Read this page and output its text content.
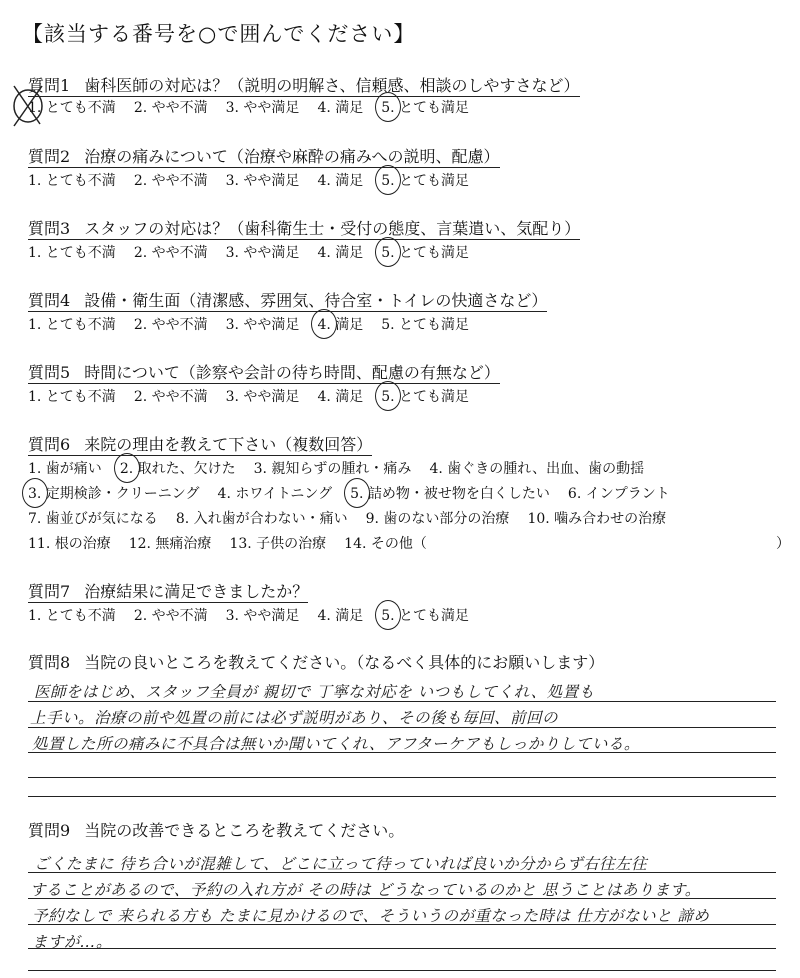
【該当する番号を○で囲んでください】
質問1 歯科医師の対応は？（説明の明解さ、信頼感、相談のしやすさなど）
1. とても不満 2. やや不満 3. やや満足 4. 満足 5. とても満足
質問2 治療の痛みについて（治療や麻酔の痛みへの説明、配慮）
1. とても不満 2. やや不満 3. やや満足 4. 満足 5. とても満足
質問3 スタッフの対応は？（歯科衛生士・受付の態度、言葉遣い、気配り）
1. とても不満 2. やや不満 3. やや満足 4. 満足 5. とても満足
質問4 設備・衛生面（清潔感、雰囲気、待合室・トイレの快適さなど）
1. とても不満 2. やや不満 3. やや満足 4. 満足 5. とても満足
質問5 時間について（診察や会計の待ち時間、配慮の有無など）
1. とても不満 2. やや不満 3. やや満足 4. 満足 5. とても満足
質問6 来院の理由を教えて下さい（複数回答）
1. 歯が痛い 2. 取れた、欠けた 3. 親知らずの腫れ・痛み 4. 歯ぐきの腫れ、出血、歯の動揺
3. 定期検診・クリーニング 4. ホワイトニング 5. 詰め物・被せ物を白くしたい 6. インプラント
7. 歯並びが気になる 8. 入れ歯が合わない・痛い 9. 歯のない部分の治療 10. 噛み合わせの治療
11. 根の治療 12. 無痛治療 13. 子供の治療 14. その他（	）
質問7 治療結果に満足できましたか？
1. とても不満 2. やや不満 3. やや満足 4. 満足 5. とても満足
質問8 当院の良いところを教えてください。（なるべく具体的にお願いします）
医師をはじめ、スタッフ全員が 親切で 丁寧な対応を いつもしてくれ、処置も
上手い。治療の前や処置の前には必ず説明があり、その後も毎回、前回の
処置した所の痛みに不具合は無いか聞いてくれ、アフターケアもしっかりしている。
質問9 当院の改善できるところを教えてください。
ごくたまに 待ち合いが混雑して、どこに立って待っていれば良いか分からず右往左往
することがあるので、予約の入れ方が その時は どうなっているのかと 思うことはあります。
予約なしで 来られる方も たまに見かけるので、そういうのが重なった時は 仕方がないと 諦め
ますが…。
